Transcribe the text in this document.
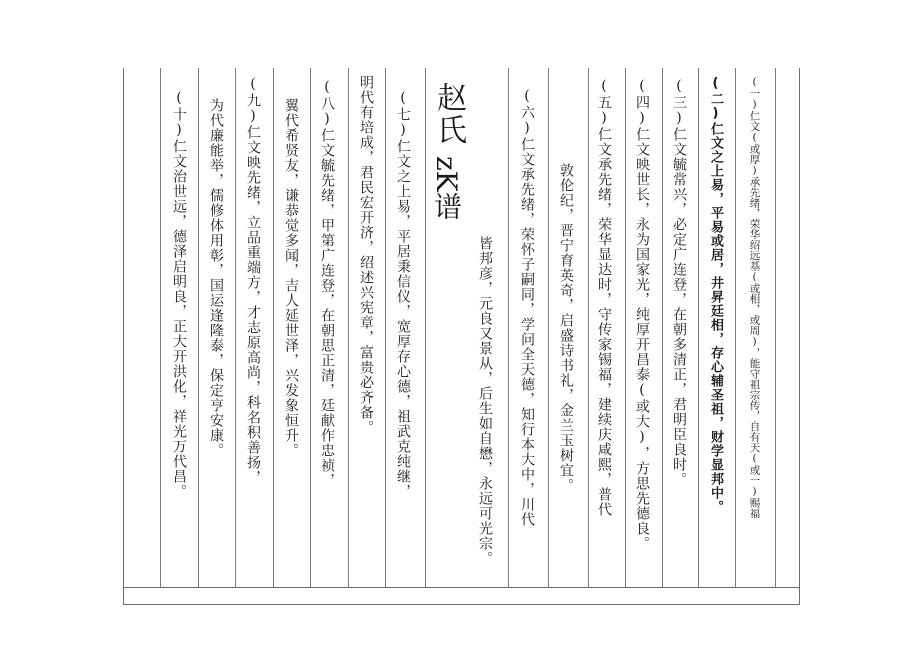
(一)仁文(或厚)承先绪，荣华绍远基(或相，或周)，能守祖宗传，自有天(或一)赐福
(二)仁文之上易，平易或居，井昇廷相，存心辅圣祖，财学显邦中。
(三)仁文毓常兴，必定广连登，在朝多清正，君明臣良时。
(四)仁文映世长，永为国家光，纯厚开昌泰(或大)，方思先德良。
(五)仁文承先绪，荣华显达时，守传家锡福，建续庆咸熙，普代
敦伦纪，晋宁育英奇，启盛诗书礼，金兰玉树宜。
(六)仁文承先绪，荣怀子嗣同，学问全天德，知行本大中，川代
皆邦彦，元良又景从，后生如自懋，永远可光宗。
赵氏
zK谱
(七)仁文之上易，平居秉信仪，宽厚存心德，祖武克纯继，
明代有培成，君民宏开济，绍述兴宪章，富贵必齐备。
(八)仁文毓先绪，甲第广连登，在朝思正清，廷献作忠祯，
翼代希贤友，谦恭觉多闻，吉人延世泽，兴发象恒升。
(九)仁文映先绪，立品重端方，才志原高尚，科名积善扬，
为代廉能举，儒修体用彰，国运逢隆泰，保定亨安康。
(十)仁文治世远，德泽启明良，正大开洪化，祥光万代昌。
